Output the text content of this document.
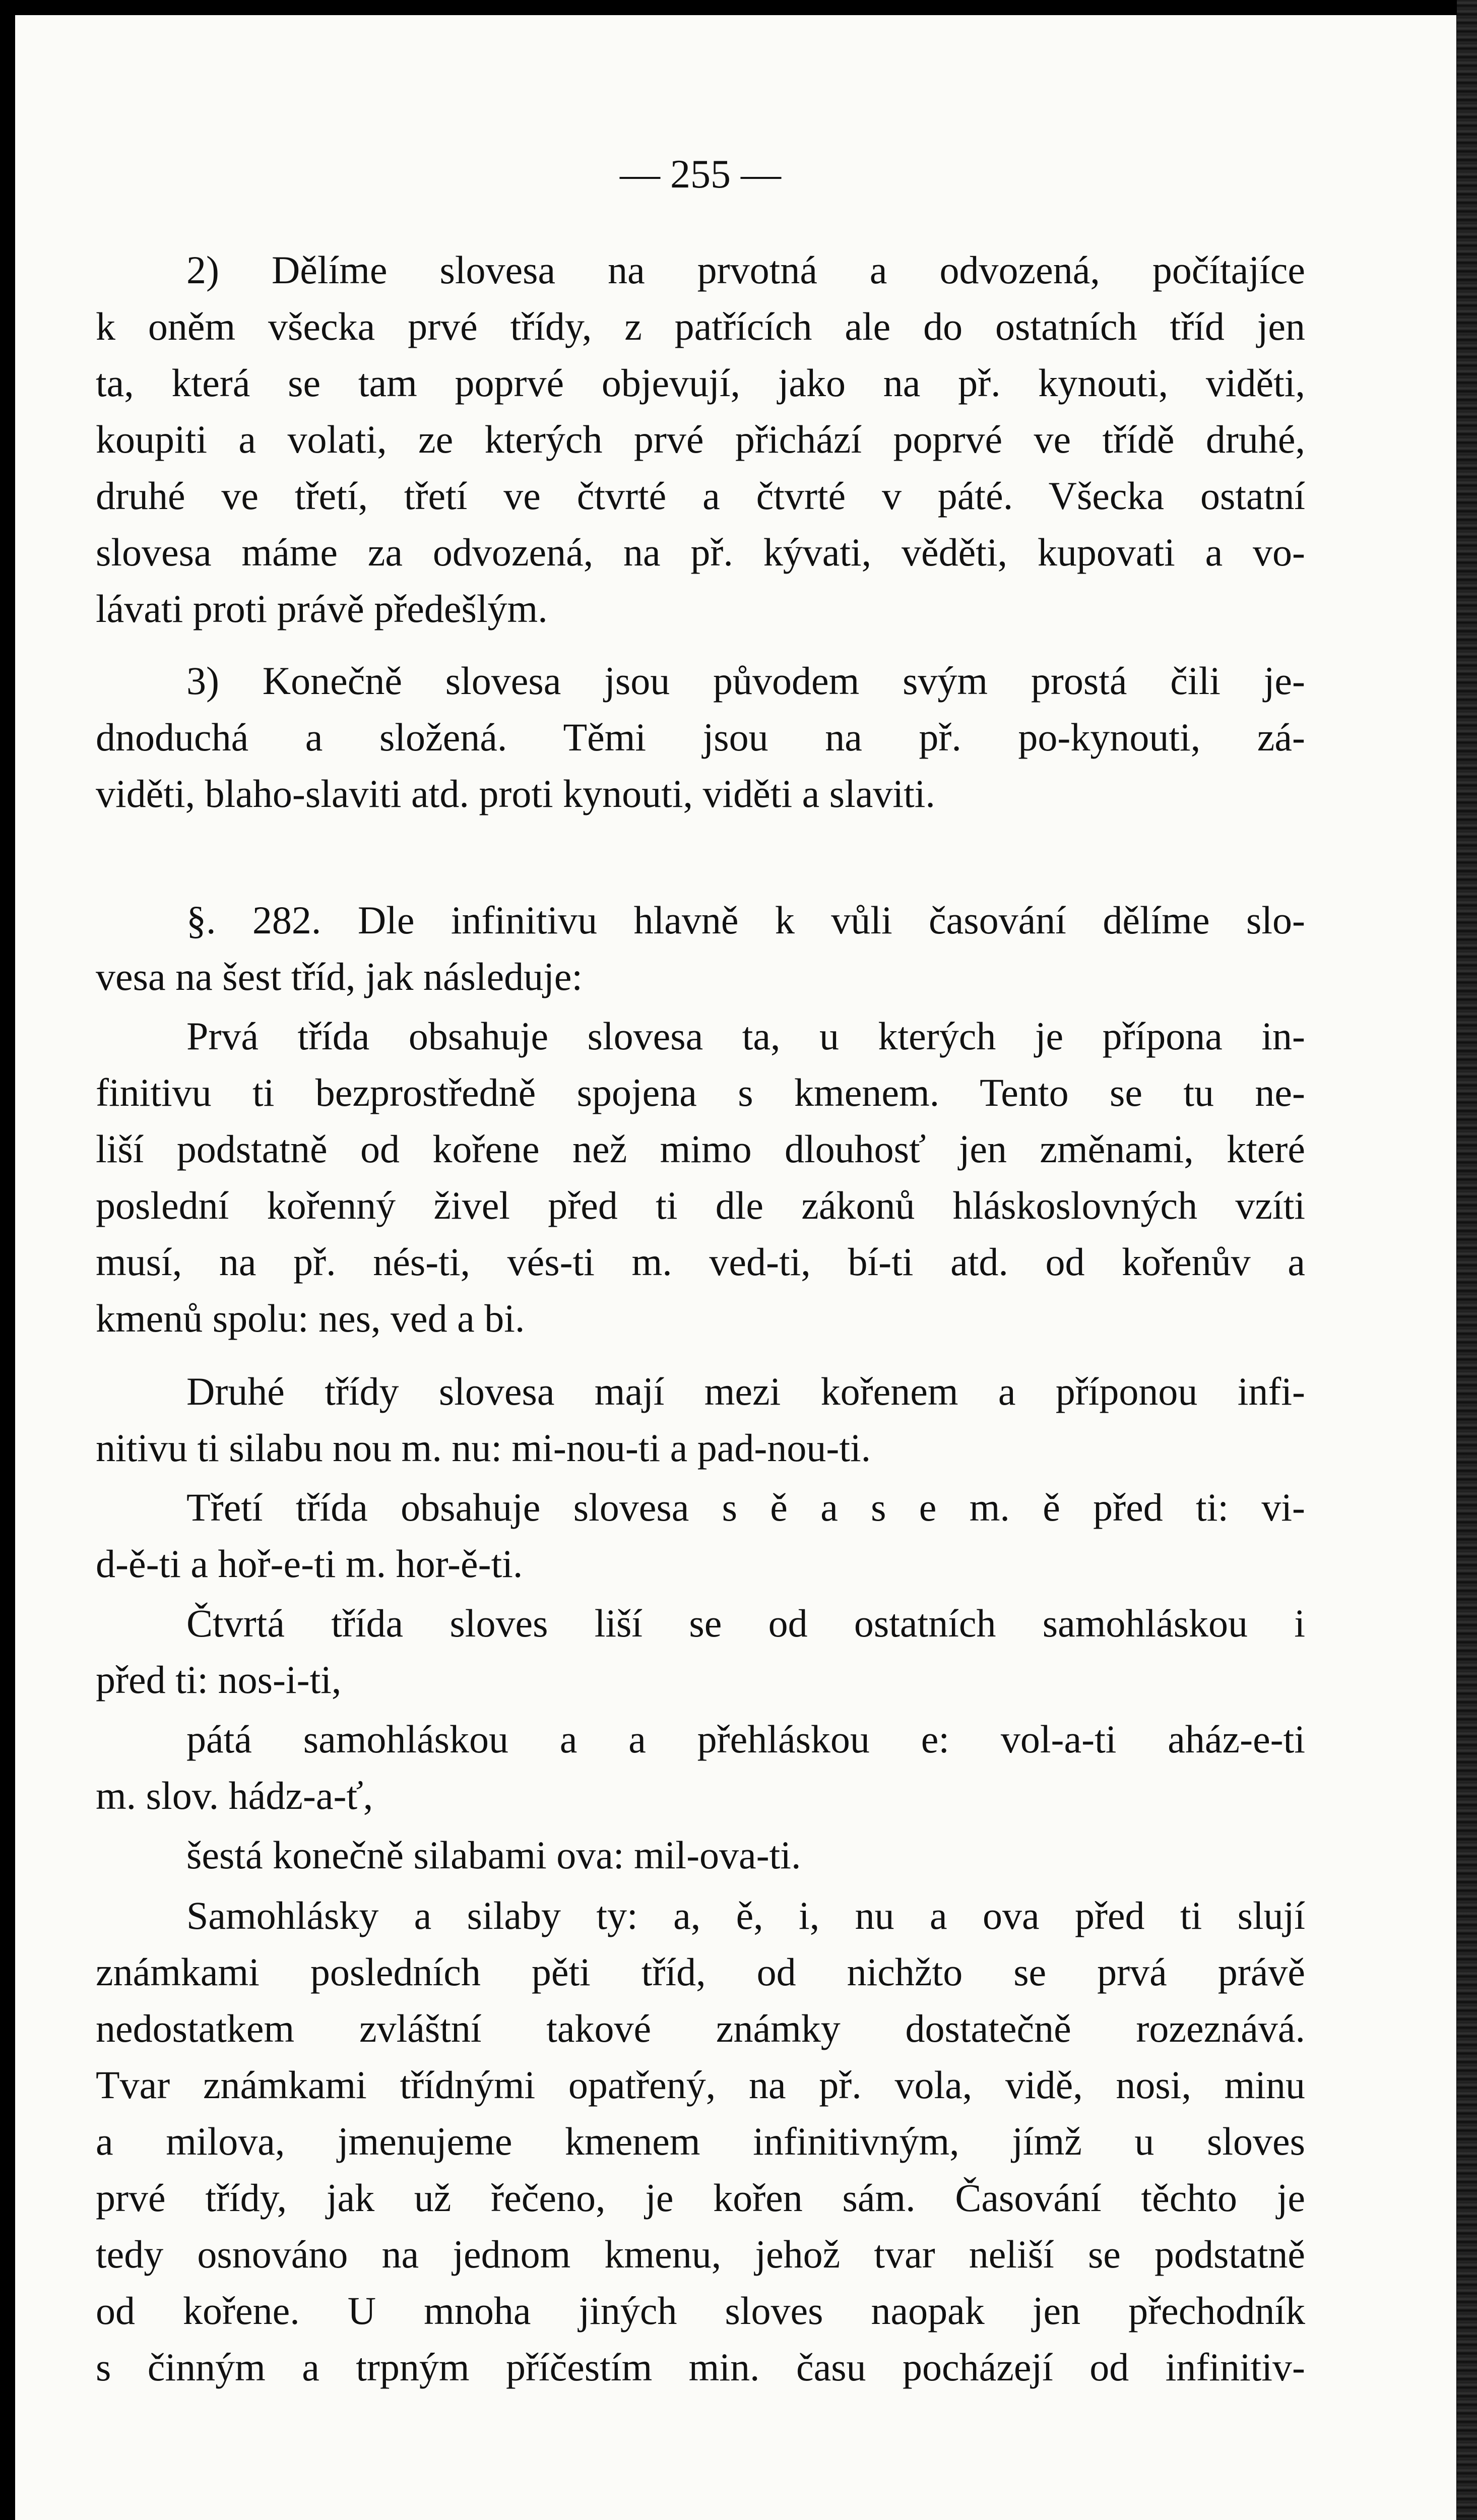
— 255 —
2) Dělíme slovesa na prvotná a odvozená, počítajíce
k oněm všecka prvé třídy, z patřících ale do ostatních tříd jen
ta, která se tam poprvé objevují, jako na př. kynouti, viděti,
koupiti a volati, ze kterých prvé přichází poprvé ve třídě druhé,
druhé ve třetí, třetí ve čtvrté a čtvrté v páté. Všecka ostatní
slovesa máme za odvozená, na př. kývati, věděti, kupovati a vo-
lávati proti právě předešlým.
3) Konečně slovesa jsou původem svým prostá čili je-
dnoduchá a složená. Těmi jsou na př. po-kynouti, zá-
viděti, blaho-slaviti atd. proti kynouti, viděti a slaviti.
§. 282. Dle infinitivu hlavně k vůli časování dělíme slo-
vesa na šest tříd, jak následuje:
Prvá třída obsahuje slovesa ta, u kterých je přípona in-
finitivu ti bezprostředně spojena s kmenem. Tento se tu ne-
liší podstatně od kořene než mimo dlouhosť jen změnami, které
poslední kořenný živel před ti dle zákonů hláskoslovných vzíti
musí, na př. nés-ti, vés-ti m. ved-ti, bí-ti atd. od kořenův a
kmenů spolu: nes, ved a bi.
Druhé třídy slovesa mají mezi kořenem a příponou infi-
nitivu ti silabu nou m. nu: mi-nou-ti a pad-nou-ti.
Třetí třída obsahuje slovesa s ě a s e m. ě před ti: vi-
d-ě-ti a hoř-e-ti m. hor-ě-ti.
Čtvrtá třída sloves liší se od ostatních samohláskou i
před ti: nos-i-ti,
pátá samohláskou a a přehláskou e: vol-a-ti aház-e-ti
m. slov. hádz-a-ť,
šestá konečně silabami ova: mil-ova-ti.
Samohlásky a silaby ty: a, ě, i, nu a ova před ti slují
známkami posledních pěti tříd, od nichžto se prvá právě
nedostatkem zvláštní takové známky dostatečně rozeznává.
Tvar známkami třídnými opatřený, na př. vola, vidě, nosi, minu
a milova, jmenujeme kmenem infinitivným, jímž u sloves
prvé třídy, jak už řečeno, je kořen sám. Časování těchto je
tedy osnováno na jednom kmenu, jehož tvar neliší se podstatně
od kořene. U mnoha jiných sloves naopak jen přechodník
s činným a trpným příčestím min. času pocházejí od infinitiv-
